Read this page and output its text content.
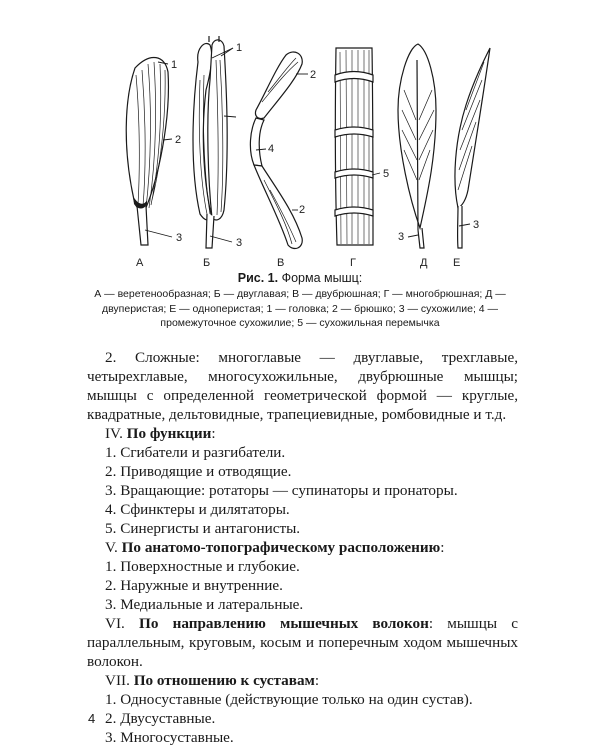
1
2
3
1
3
2
4
2
5
3
3
А	Б	В	Г	Д Е
Рис. 1. Форма мышц:
А — веретенообразная; Б — двуглавая; В — двубрюшная; Г — многобрюшная; Д — двуперистая; Е — одноперистая; 1 — головка; 2 — брюшко; 3 — сухожилие; 4 — промежуточное сухожилие; 5 — сухожильная перемычка

2. Сложные: многоглавые — двуглавые, трехглавые, четырехглавые, многосухожильные, двубрюшные мышцы; мышцы с определенной геометрической формой — круглые, квадратные, дельтовидные, трапециевидные, ромбовидные и т.д.

IV. По функции:

1. Сгибатели и разгибатели.

2. Приводящие и отводящие.

3. Вращающие: ротаторы — супинаторы и пронаторы.

4. Сфинктеры и дилятаторы.

5. Синергисты и антагонисты.

V. По анатомо-топографическому расположению:

1. Поверхностные и глубокие.

2. Наружные и внутренние.

3. Медиальные и латеральные.

VI. По направлению мышечных волокон: мышцы с параллельным, круговым, косым и поперечным ходом мышечных волокон.

VII. По отношению к суставам:

1. Односуставные (действующие только на один сустав).

2. Двусуставные.

3. Многосуставные.

4
